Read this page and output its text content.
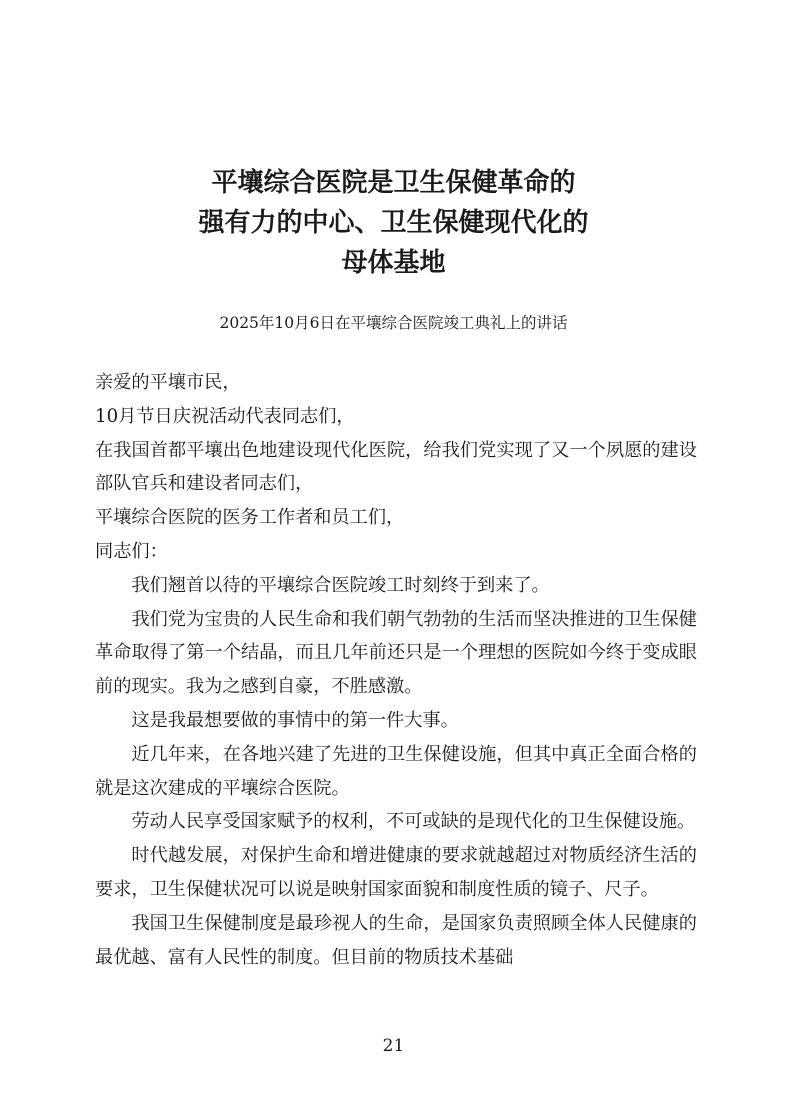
平壤综合医院是卫生保健革命的
强有力的中心、卫生保健现代化的
母体基地

2025年10月6日在平壤综合医院竣工典礼上的讲话

亲爱的平壤市民，

10月节日庆祝活动代表同志们，

在我国首都平壤出色地建设现代化医院，给我们党实现了又一个夙愿的建设部队官兵和建设者同志们，

平壤综合医院的医务工作者和员工们，

同志们：

我们翘首以待的平壤综合医院竣工时刻终于到来了。

我们党为宝贵的人民生命和我们朝气勃勃的生活而坚决推进的卫生保健革命取得了第一个结晶，而且几年前还只是一个理想的医院如今终于变成眼前的现实。我为之感到自豪，不胜感激。

这是我最想要做的事情中的第一件大事。

近几年来，在各地兴建了先进的卫生保健设施，但其中真正全面合格的就是这次建成的平壤综合医院。

劳动人民享受国家赋予的权利，不可或缺的是现代化的卫生保健设施。

时代越发展，对保护生命和增进健康的要求就越超过对物质经济生活的要求，卫生保健状况可以说是映射国家面貌和制度性质的镜子、尺子。

我国卫生保健制度是最珍视人的生命，是国家负责照顾全体人民健康的最优越、富有人民性的制度。但目前的物质技术基础

21
